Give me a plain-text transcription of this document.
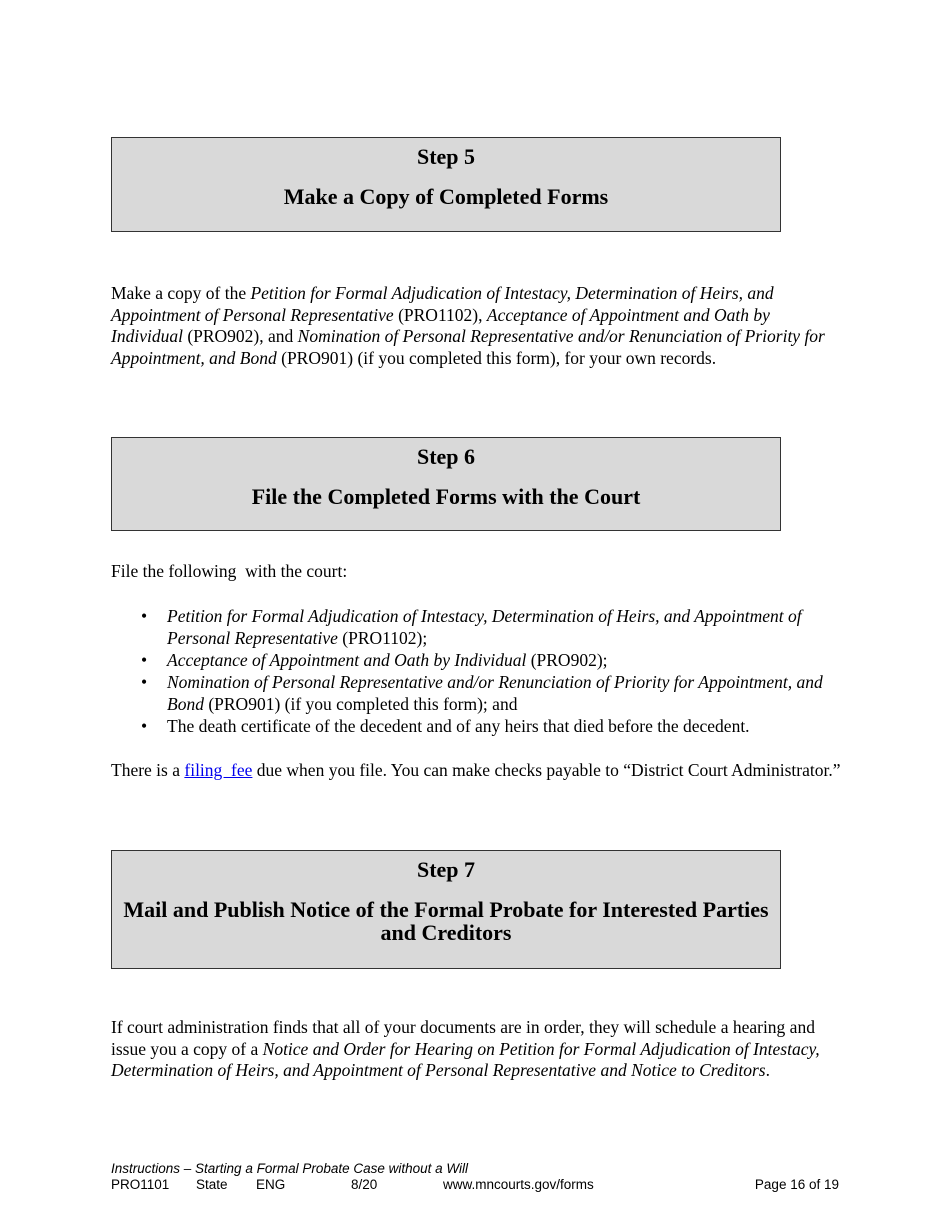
Step 5
Make a Copy of Completed Forms
Make a copy of the Petition for Formal Adjudication of Intestacy, Determination of Heirs, and Appointment of Personal Representative (PRO1102), Acceptance of Appointment and Oath by Individual (PRO902), and Nomination of Personal Representative and/or Renunciation of Priority for Appointment, and Bond (PRO901) (if you completed this form), for your own records.
Step 6
File the Completed Forms with the Court
File the following  with the court:
• Petition for Formal Adjudication of Intestacy, Determination of Heirs, and Appointment of Personal Representative (PRO1102);
• Acceptance of Appointment and Oath by Individual (PRO902);
• Nomination of Personal Representative and/or Renunciation of Priority for Appointment, and Bond (PRO901) (if you completed this form); and
• The death certificate of the decedent and of any heirs that died before the decedent.
There is a filing  fee due when you file. You can make checks payable to “District Court Administrator.”
Step 7
Mail and Publish Notice of the Formal Probate for Interested Parties and Creditors
If court administration finds that all of your documents are in order, they will schedule a hearing and issue you a copy of a Notice and Order for Hearing on Petition for Formal Adjudication of Intestacy, Determination of Heirs, and Appointment of Personal Representative and Notice to Creditors.
Instructions – Starting a Formal Probate Case without a Will
PRO1101 State ENG	8/20	www.mncourts.gov/forms	Page 16 of 19
